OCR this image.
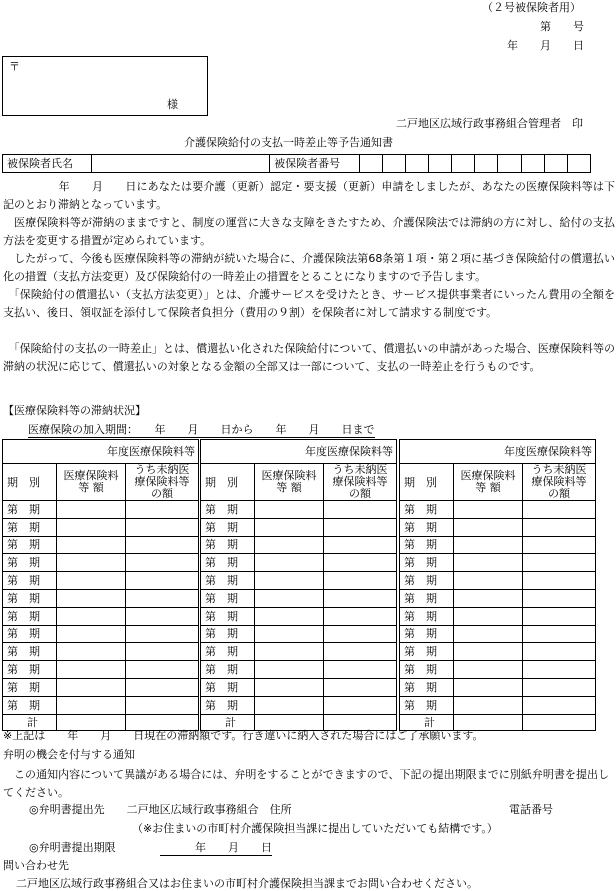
（２号被保険者用）
第　　号
年　　月　　日
〒
様
二戸地区広域行政事務組合管理者　印
介護保険給付の支払一時差止等予告通知書
被保険者氏名		被保険者番号										
　　　　　年　　月　　日にあなたは要介護（更新）認定・要支援（更新）申請をしましたが、あなたの医療保険料等は下記のとおり滞納となっています。
　医療保険料等が滞納のままですと、制度の運営に大きな支障をきたすため、介護保険法では滞納の方に対し、給付の支払方法を変更する措置が定められています。
　したがって、今後も医療保険料等の滞納が続いた場合に、介護保険法第68条第１項・第２項に基づき保険給付の償還払い化の措置（支払方法変更）及び保険給付の一時差止の措置をとることになりますので予告します。
　「保険給付の償還払い（支払方法変更）」とは、介護サービスを受けたとき、サービス提供事業者にいったん費用の全額を支払い、後日、領収証を添付して保険者負担分（費用の９割）を保険者に対して請求する制度です。
　「保険給付の支払の一時差止」とは、償還払い化された保険給付について、償還払いの申請があった場合、医療保険料等の滞納の状況に応じて、償還払いの対象となる金額の全部又は一部について、支払の一時差止を行うものです。
【医療保険料等の滞納状況】
医療保険の加入期間：　　年　　月　　日から　　年　　月　　日まで
年度医療保険料等		
期　別	医療保険料 等 額	うち未納医療保険料等の額
第　期		
第　期		
第　期		
第　期		
第　期		
第　期		
第　期		
第　期		
第　期		
第　期		
第　期		
第　期		
計		
年度医療保険料等		
期　別	医療保険料 等 額	うち未納医療保険料等の額
第　期		
第　期		
第　期		
第　期		
第　期		
第　期		
第　期		
第　期		
第　期		
第　期		
第　期		
第　期		
計		
年度医療保険料等		
期　別	医療保険料 等 額	うち未納医療保険料等の額
第　期		
第　期		
第　期		
第　期		
第　期		
第　期		
第　期		
第　期		
第　期		
第　期		
第　期		
第　期		
計		
※上記は　　年　　月　　日現在の滞納額です。行き違いに納入された場合にはご了承願います。
弁明の機会を付与する通知
　この通知内容について異議がある場合には、弁明をすることができますので、下記の提出期限までに別紙弁明書を提出してください。
◎弁明書提出先　　二戸地区広域行政事務組合　住所	電話番号
（※お住まいの市町村介護保険担当課に提出していただいても結構です。）
◎弁明書提出期限	年　　月　　日
問い合わせ先
二戸地区広域行政事務組合又はお住まいの市町村介護保険担当課までお問い合わせください。
